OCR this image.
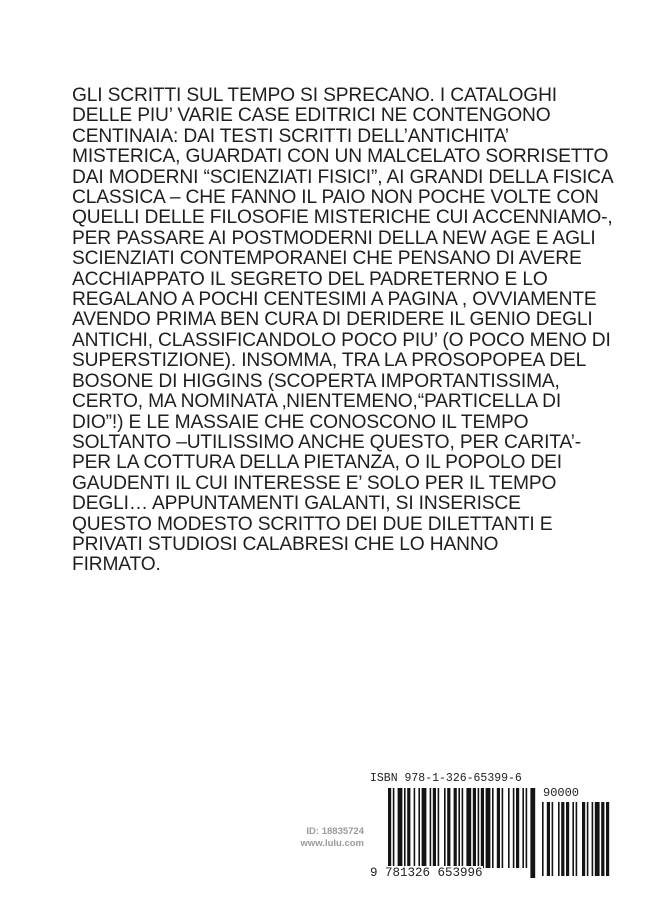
GLI SCRITTI SUL TEMPO SI SPRECANO. I CATALOGHI
DELLE PIU’ VARIE CASE EDITRICI NE CONTENGONO
CENTINAIA: DAI TESTI SCRITTI DELL’ANTICHITA’
MISTERICA, GUARDATI CON UN MALCELATO SORRISETTO
DAI MODERNI “SCIENZIATI FISICI”, AI GRANDI DELLA FISICA
CLASSICA – CHE FANNO IL PAIO NON POCHE VOLTE CON
QUELLI DELLE FILOSOFIE MISTERICHE CUI ACCENNIAMO-,
PER PASSARE AI POSTMODERNI DELLA NEW AGE E AGLI
SCIENZIATI CONTEMPORANEI CHE PENSANO DI AVERE
ACCHIAPPATO IL SEGRETO DEL PADRETERNO E LO
REGALANO A POCHI CENTESIMI A PAGINA , OVVIAMENTE
AVENDO PRIMA BEN CURA DI DERIDERE IL GENIO DEGLI
ANTICHI, CLASSIFICANDOLO POCO PIU’ (O POCO MENO DI
SUPERSTIZIONE). INSOMMA, TRA LA PROSOPOPEA DEL
BOSONE DI HIGGINS (SCOPERTA IMPORTANTISSIMA,
CERTO, MA NOMINATA ‚NIENTEMENO,“PARTICELLA DI
DIO”!) E LE MASSAIE CHE CONOSCONO IL TEMPO
SOLTANTO –UTILISSIMO ANCHE QUESTO, PER CARITA’-
PER LA COTTURA DELLA PIETANZA, O IL POPOLO DEI
GAUDENTI IL CUI INTERESSE E’ SOLO PER IL TEMPO
DEGLI… APPUNTAMENTI GALANTI, SI INSERISCE
QUESTO MODESTO SCRITTO DEI DUE DILETTANTI E
PRIVATI STUDIOSI CALABRESI CHE LO HANNO
FIRMATO.
ID: 18835724
www.lulu.com
ISBN 978-1-326-65399-6
90000
9 781326 653996
